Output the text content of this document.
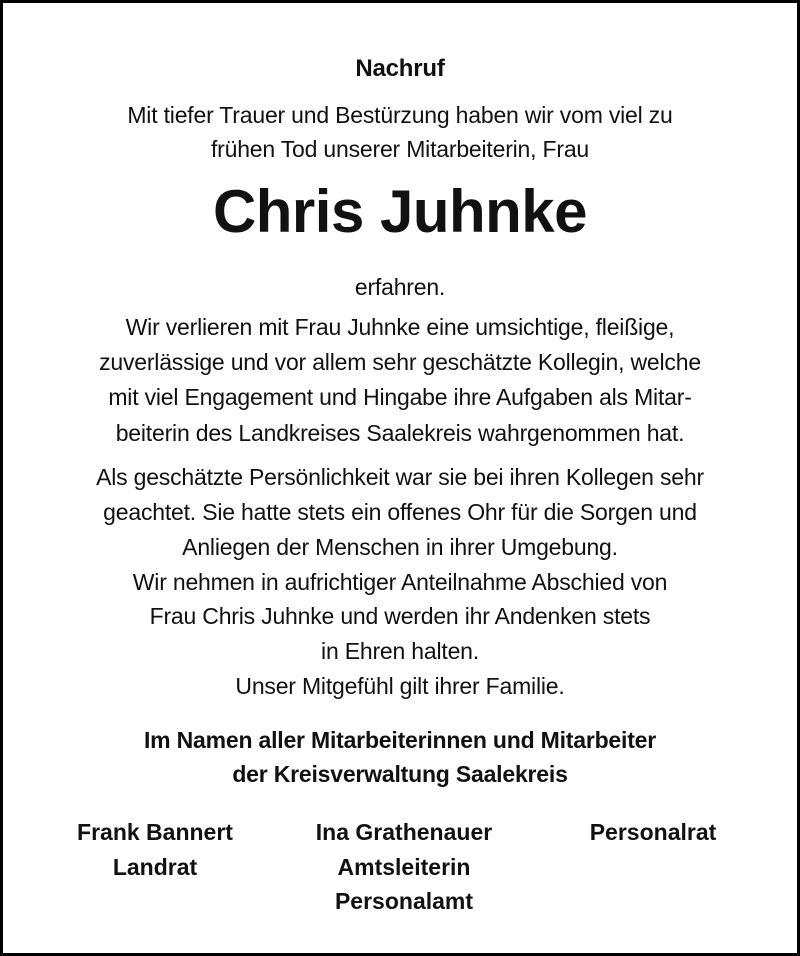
Nachruf
Mit tiefer Trauer und Bestürzung haben wir vom viel zu
frühen Tod unserer Mitarbeiterin, Frau
Chris Juhnke
erfahren.
Wir verlieren mit Frau Juhnke eine umsichtige, fleißige,
zuverlässige und vor allem sehr geschätzte Kollegin, welche
mit viel Engagement und Hingabe ihre Aufgaben als Mitar-
beiterin des Landkreises Saalekreis wahrgenommen hat.
Als geschätzte Persönlichkeit war sie bei ihren Kollegen sehr
geachtet. Sie hatte stets ein offenes Ohr für die Sorgen und
Anliegen der Menschen in ihrer Umgebung.
Wir nehmen in aufrichtiger Anteilnahme Abschied von
Frau Chris Juhnke und werden ihr Andenken stets
in Ehren halten.
Unser Mitgefühl gilt ihrer Familie.
Im Namen aller Mitarbeiterinnen und Mitarbeiter
der Kreisverwaltung Saalekreis
Frank Bannert
Landrat
Ina Grathenauer
Amtsleiterin
Personalamt
Personalrat
